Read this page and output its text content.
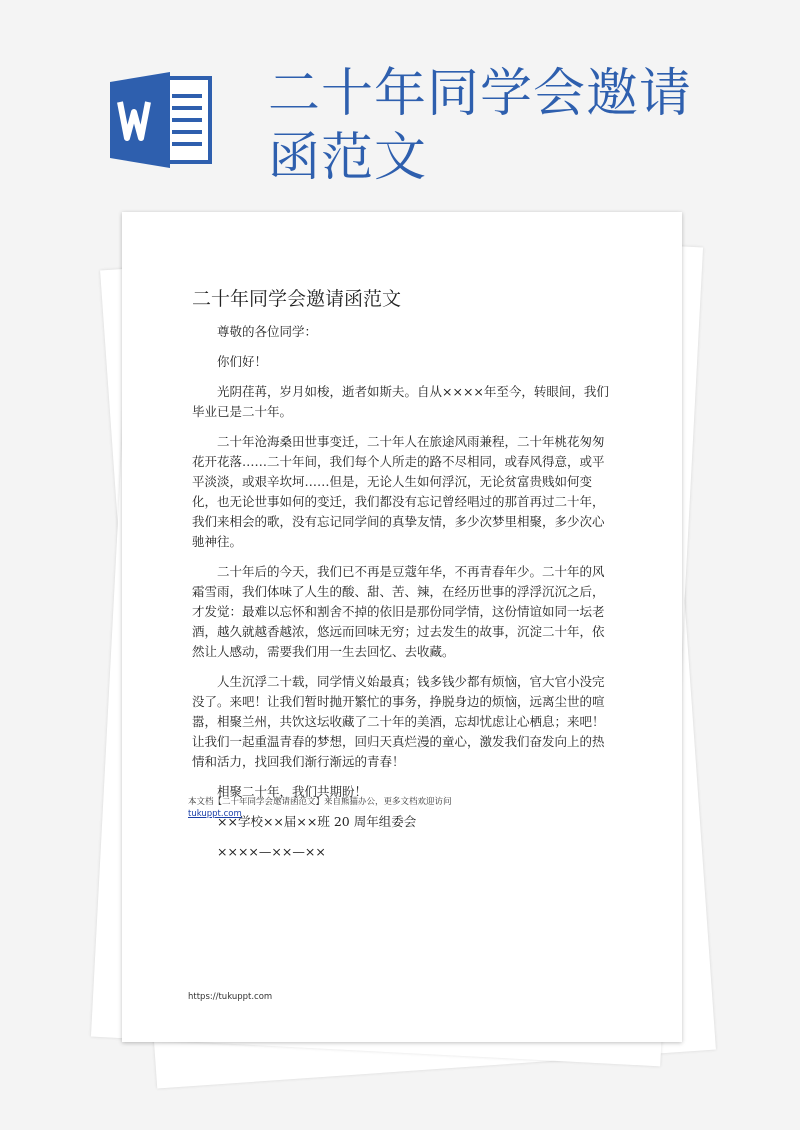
二十年同学会邀请函范文
二十年同学会邀请函范文

尊敬的各位同学：

你们好！

光阴荏苒，岁月如梭，逝者如斯夫。自从××××年至今，转眼间，我们毕业已是二十年。

二十年沧海桑田世事变迁，二十年人在旅途风雨兼程，二十年桃花匆匆花开花落……二十年间，我们每个人所走的路不尽相同，或春风得意，或平平淡淡，或艰辛坎坷……但是，无论人生如何浮沉，无论贫富贵贱如何变化，也无论世事如何的变迁，我们都没有忘记曾经唱过的那首再过二十年，我们来相会的歌，没有忘记同学间的真挚友情，多少次梦里相聚，多少次心驰神往。

二十年后的今天，我们已不再是豆蔻年华，不再青春年少。二十年的风霜雪雨，我们体味了人生的酸、甜、苦、辣，在经历世事的浮浮沉沉之后，才发觉：最难以忘怀和割舍不掉的依旧是那份同学情，这份情谊如同一坛老酒，越久就越香越浓，悠远而回味无穷；过去发生的故事，沉淀二十年，依然让人感动，需要我们用一生去回忆、去收藏。

人生沉浮二十载，同学情义始最真；钱多钱少都有烦恼，官大官小没完没了。来吧！让我们暂时抛开繁忙的事务，挣脱身边的烦恼，远离尘世的喧嚣，相聚兰州，共饮这坛收藏了二十年的美酒，忘却忧虑让心栖息；来吧！让我们一起重温青春的梦想，回归天真烂漫的童心，激发我们奋发向上的热情和活力，找回我们渐行渐远的青春！

相聚二十年，我们共期盼！

××学校××届××班 20 周年组委会

××××—××—××

本文档【二十年同学会邀请函范文】来自熊猫办公，更多文档欢迎访问
tukuppt.com
https://tukuppt.com
